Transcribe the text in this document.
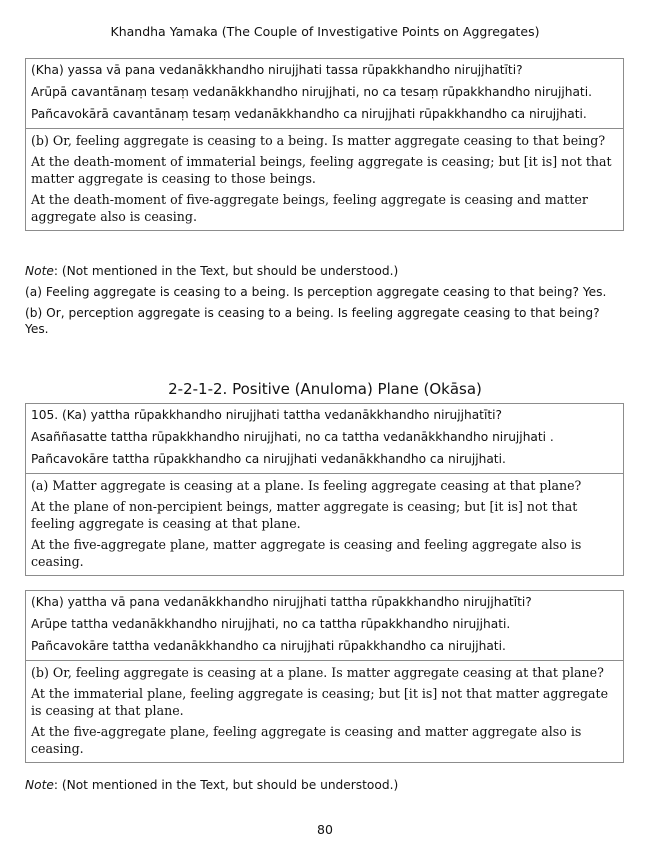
Khandha Yamaka (The Couple of Investigative Points on Aggregates)

(Kha) yassa vā pana vedanākkhandho nirujjhati tassa rūpakkhandho nirujjhatīti?

Arūpā cavantānaṃ tesaṃ vedanākkhandho nirujjhati, no ca tesaṃ rūpakkhandho nirujjhati.

Pañcavokārā cavantānaṃ tesaṃ vedanākkhandho ca nirujjhati rūpakkhandho ca nirujjhati.

(b) Or, feeling aggregate is ceasing to a being. Is matter aggregate ceasing to that being?

At the death-moment of immaterial beings, feeling aggregate is ceasing; but [it is] not that matter aggregate is ceasing to those beings.

At the death-moment of five-aggregate beings, feeling aggregate is ceasing and matter aggregate also is ceasing.

Note: (Not mentioned in the Text, but should be understood.)

(a) Feeling aggregate is ceasing to a being. Is perception aggregate ceasing to that being? Yes.

(b) Or, perception aggregate is ceasing to a being. Is feeling aggregate ceasing to that being? Yes.

2-2-1-2. Positive (Anuloma) Plane (Okāsa)

105. (Ka) yattha rūpakkhandho nirujjhati tattha vedanākkhandho nirujjhatīti?

Asaññasatte tattha rūpakkhandho nirujjhati, no ca tattha vedanākkhandho nirujjhati .

Pañcavokāre tattha rūpakkhandho ca nirujjhati vedanākkhandho ca nirujjhati.

(a) Matter aggregate is ceasing at a plane. Is feeling aggregate ceasing at that plane?

At the plane of non-percipient beings, matter aggregate is ceasing; but [it is] not that feeling aggregate is ceasing at that plane.

At the five-aggregate plane, matter aggregate is ceasing and feeling aggregate also is ceasing.

(Kha) yattha vā pana vedanākkhandho nirujjhati tattha rūpakkhandho nirujjhatīti?

Arūpe tattha vedanākkhandho nirujjhati, no ca tattha rūpakkhandho nirujjhati.

Pañcavokāre tattha vedanākkhandho ca nirujjhati rūpakkhandho ca nirujjhati.

(b) Or, feeling aggregate is ceasing at a plane. Is matter aggregate ceasing at that plane?

At the immaterial plane, feeling aggregate is ceasing; but [it is] not that matter aggregate is ceasing at that plane.

At the five-aggregate plane, feeling aggregate is ceasing and matter aggregate also is ceasing.

Note: (Not mentioned in the Text, but should be understood.)

80
